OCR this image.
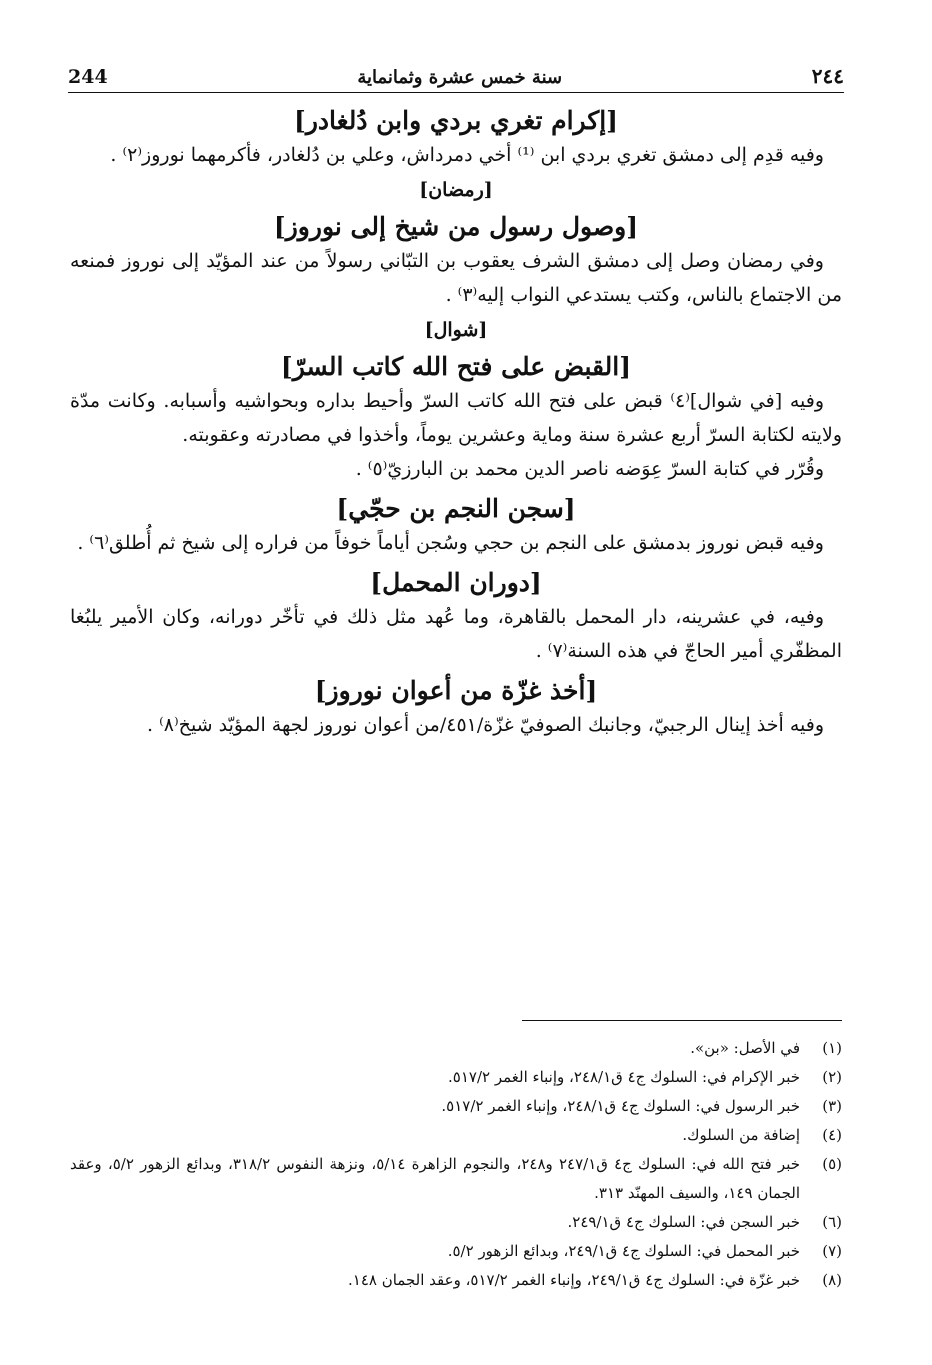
244	سنة خمس عشرة وثمانماية	٢٤٤
[إكرام تغري بردي وابن دُلغادر]

وفيه قدِم إلى دمشق تغري بردي ابن ⁽¹⁾ أخي دمرداش، وعلي بن دُلغادر، فأكرمهما نوروز⁽٢⁾ .

[رمضان]
[وصول رسول من شيخ إلى نوروز]

وفي رمضان وصل إلى دمشق الشرف يعقوب بن التبّاني رسولاً من عند المؤيّد إلى نوروز فمنعه من الاجتماع بالناس، وكتب يستدعي النواب إليه⁽٣⁾ .

[شوال]
[القبض على فتح الله كاتب السرّ]

وفيه [في شوال]⁽٤⁾ قبض على فتح الله كاتب السرّ وأحيط بداره وبحواشيه وأسبابه. وكانت مدّة ولايته لكتابة السرّ أربع عشرة سنة وماية وعشرين يوماً، وأخذوا في مصادرته وعقوبته.

وقُرّر في كتابة السرّ عِوَضه ناصر الدين محمد بن البارزيّ⁽٥⁾ .

[سجن النجم بن حجّي]

وفيه قبض نوروز بدمشق على النجم بن حجي وسُجن أياماً خوفاً من فراره إلى شيخ ثم أُطلق⁽٦⁾ .

[دوران المحمل]

وفيه، في عشرينه، دار المحمل بالقاهرة، وما عُهد مثل ذلك في تأخّر دورانه، وكان الأمير يلبُغا المظفّري أمير الحاجّ في هذه السنة⁽٧⁾ .

[أخذ غزّة من أعوان نوروز]

وفيه أخذ إينال الرجبيّ، وجانبك الصوفيّ غزّة/٤٥١/من أعوان نوروز لجهة المؤيّد شيخ⁽٨⁾ .

(١)
في الأصل: «بن».

(٢)
خبر الإكرام في: السلوك ج٤ ق٢٤٨/١، وإنباء الغمر ٥١٧/٢.

(٣)
خبر الرسول في: السلوك ج٤ ق٢٤٨/١، وإنباء الغمر ٥١٧/٢.

(٤)
إضافة من السلوك.

(٥)
خبر فتح الله في: السلوك ج٤ ق٢٤٧/١ و٢٤٨، والنجوم الزاهرة ٥/١٤، ونزهة النفوس ٣١٨/٢، وبدائع الزهور ٥/٢، وعقد الجمان ١٤٩، والسيف المهنّد ٣١٣.

(٦)
خبر السجن في: السلوك ج٤ ق٢٤٩/١.

(٧)
خبر المحمل في: السلوك ج٤ ق٢٤٩/١، وبدائع الزهور ٥/٢.

(٨)
خبر غزّة في: السلوك ج٤ ق٢٤٩/١، وإنباء الغمر ٥١٧/٢، وعقد الجمان ١٤٨.
